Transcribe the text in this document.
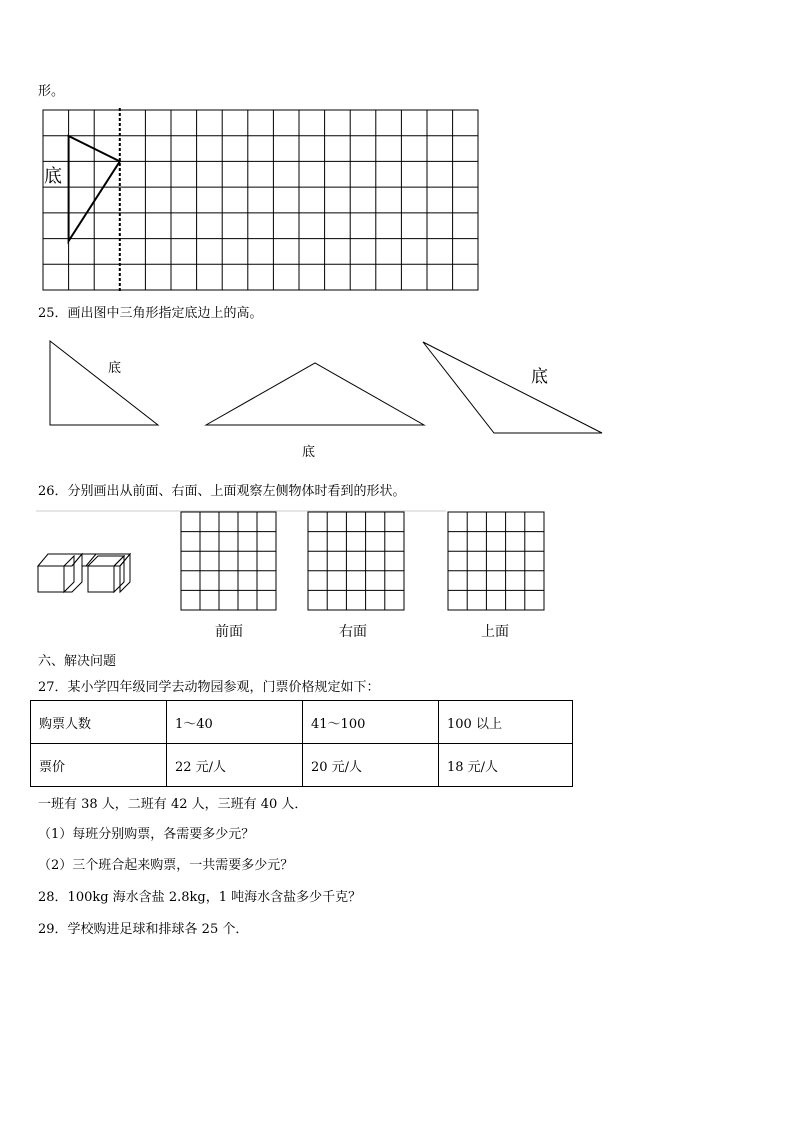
形。
底
25．画出图中三角形指定底边上的高。
底
底
底
26．分别画出从前面、右面、上面观察左侧物体时看到的形状。
前面	右面	上面
六、解决问题
27．某小学四年级同学去动物园参观，门票价格规定如下：
购票人数	1～40	41～100	100 以上
票价	22 元/人	20 元/人	18 元/人
一班有 38 人，二班有 42 人，三班有 40 人．
（1）每班分别购票，各需要多少元？
（2）三个班合起来购票，一共需要多少元？
28．100kg 海水含盐 2.8kg，1 吨海水含盐多少千克？
29．学校购进足球和排球各 25 个．
